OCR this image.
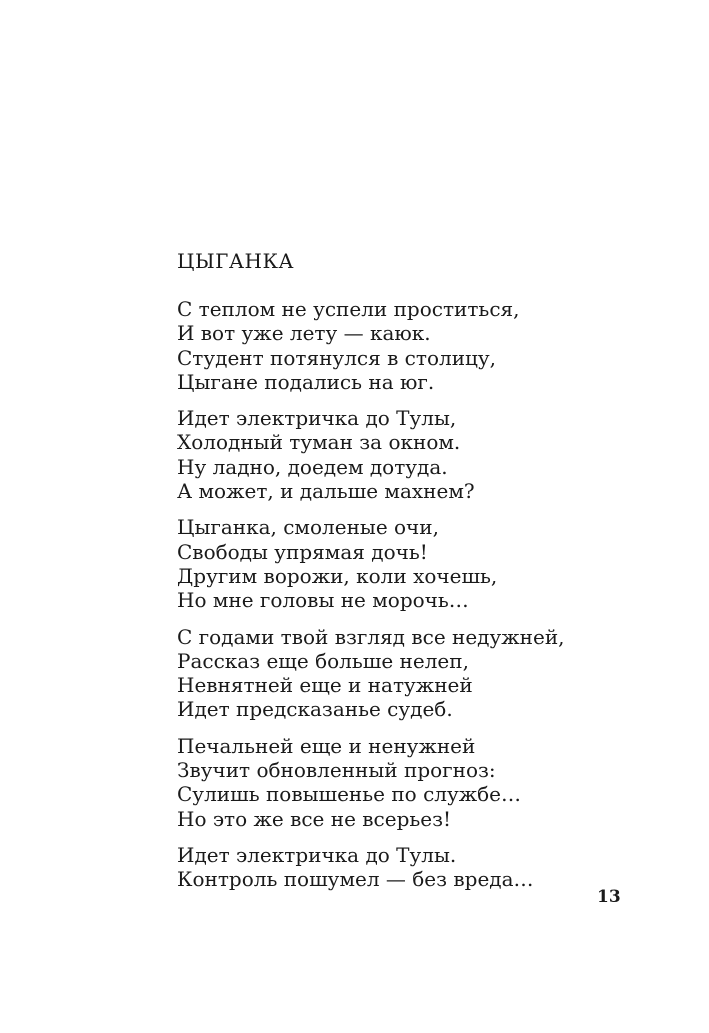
ЦЫГАНКА
С теплом не успели проститься,
И вот уже лету — каюк.
Студент потянулся в столицу,
Цыгане подались на юг.
Идет электричка до Тулы,
Холодный туман за окном.
Ну ладно, доедем дотуда.
А может, и дальше махнем?
Цыганка, смоленые очи,
Свободы упрямая дочь!
Другим ворожи, коли хочешь,
Но мне головы не морочь…
С годами твой взгляд все недужней,
Рассказ еще больше нелеп,
Невнятней еще и натужней
Идет предсказанье судеб.
Печальней еще и ненужней
Звучит обновленный прогноз:
Сулишь повышенье по службе…
Но это же все не всерьез!
Идет электричка до Тулы.
Контроль пошумел — без вреда…
13
